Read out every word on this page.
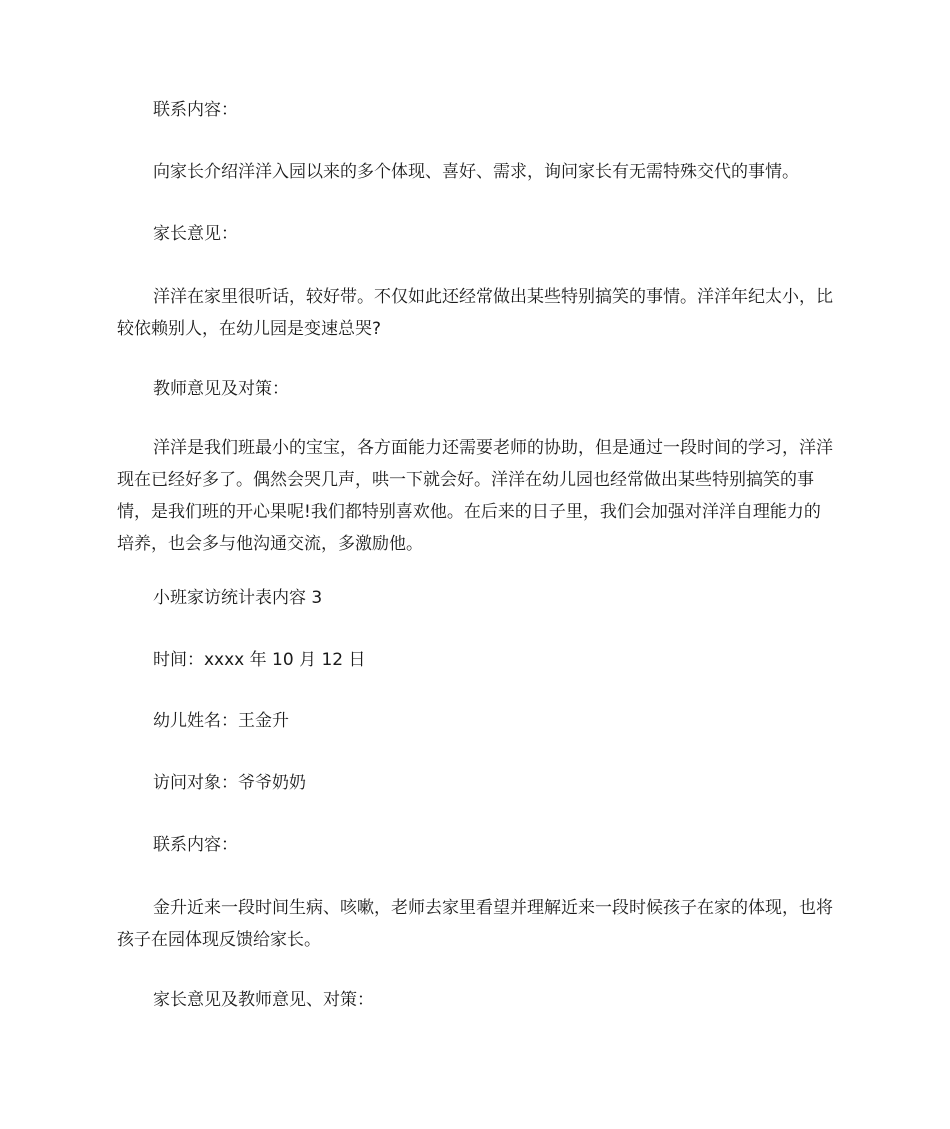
联系内容：

向家长介绍洋洋入园以来的多个体现、喜好、需求，询问家长有无需特殊交代的事情。

家长意见：

洋洋在家里很听话，较好带。不仅如此还经常做出某些特别搞笑的事情。洋洋年纪太小，比较依赖别人，在幼儿园是变速总哭?

教师意见及对策：

洋洋是我们班最小的宝宝，各方面能力还需要老师的协助，但是通过一段时间的学习，洋洋现在已经好多了。偶然会哭几声，哄一下就会好。洋洋在幼儿园也经常做出某些特别搞笑的事情，是我们班的开心果呢!我们都特别喜欢他。在后来的日子里，我们会加强对洋洋自理能力的培养，也会多与他沟通交流，多激励他。

小班家访统计表内容 3

时间：xxxx 年 10 月 12 日

幼儿姓名：王金升

访问对象：爷爷奶奶

联系内容：

金升近来一段时间生病、咳嗽，老师去家里看望并理解近来一段时候孩子在家的体现，也将孩子在园体现反馈给家长。

家长意见及教师意见、对策：
